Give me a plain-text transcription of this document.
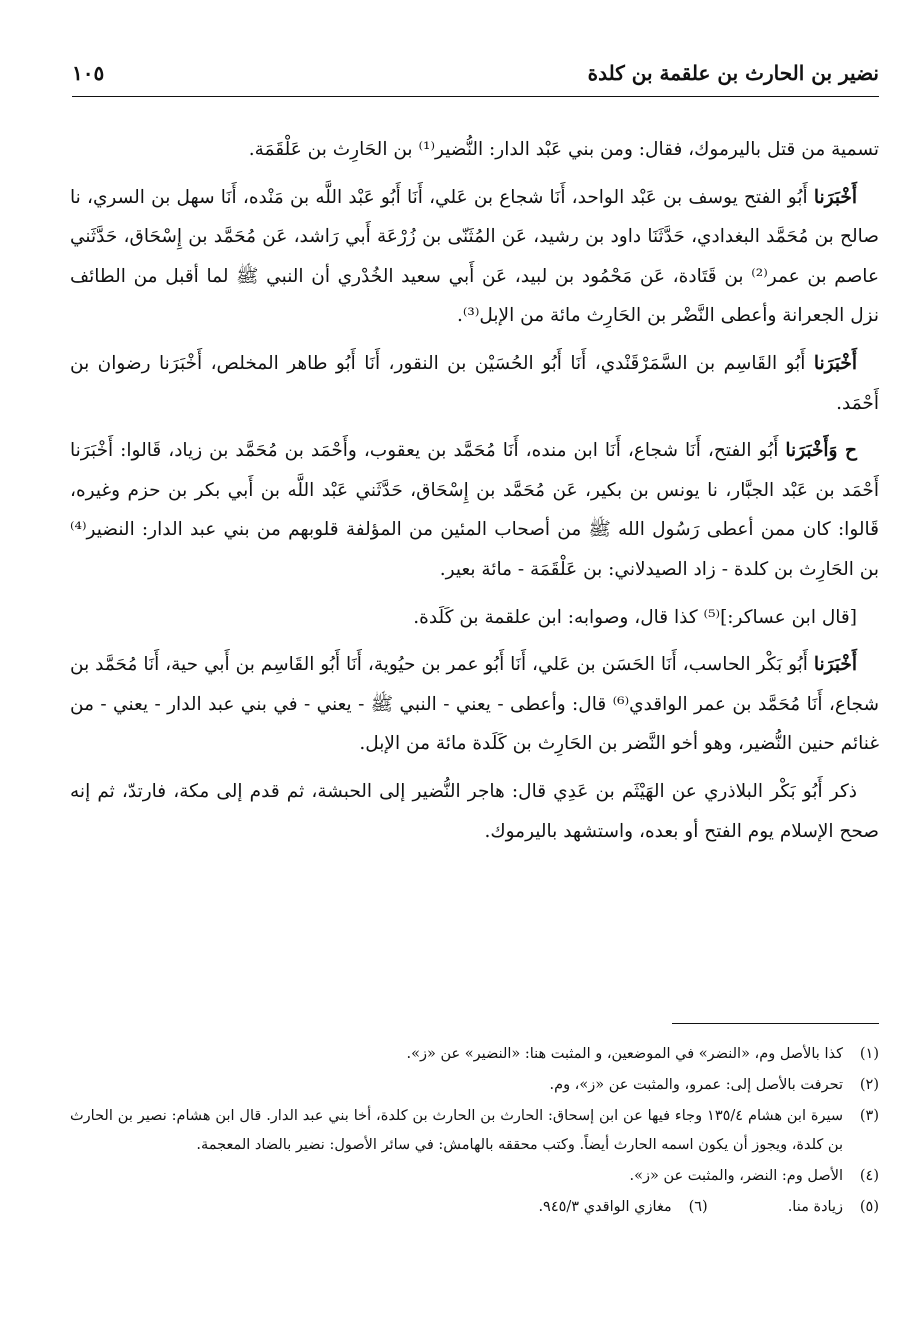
نضير بن الحارث بن علقمة بن كلدة
١٠٥

تسمية من قتل باليرموك، فقال: ومن بني عَبْد الدار: النُّضير⁽¹⁾ بن الحَارِث بن عَلْقَمَة.

أَخْبَرَنا أَبُو الفتح يوسف بن عَبْد الواحد، أَنَا شجاع بن عَلي، أَنَا أَبُو عَبْد اللَّه بن مَنْده، أَنَا سهل بن السري، نا صالح بن مُحَمَّد البغدادي، حَدَّثَنَا داود بن رشيد، عَن المُثَنّى بن زُرْعَة أَبي رَاشد، عَن مُحَمَّد بن إِسْحَاق، حَدَّثَني عاصم بن عمر⁽²⁾ بن قَتَادة، عَن مَحْمُود بن لبيد، عَن أَبي سعيد الخُدْري أن النبي ﷺ لما أقبل من الطائف نزل الجعرانة وأعطى النَّضْر بن الحَارِث مائة من الإبل⁽³⁾.

أَخْبَرَنا أَبُو القَاسِم بن السَّمَرْقَنْدي، أَنَا أَبُو الحُسَيْن بن النقور، أَنَا أَبُو طاهر المخلص، أَخْبَرَنا رضوان بن أَحْمَد.

ح وَأَخْبَرَنا أَبُو الفتح، أَنَا شجاع، أَنَا ابن منده، أَنَا مُحَمَّد بن يعقوب، وأَحْمَد بن مُحَمَّد بن زياد، قَالوا: أَخْبَرَنا أَحْمَد بن عَبْد الجبَّار، نا يونس بن بكير، عَن مُحَمَّد بن إِسْحَاق، حَدَّثَني عَبْد اللَّه بن أَبي بكر بن حزم وغيره، قَالوا: كان ممن أعطى رَسُول الله ﷺ من أصحاب المئين من المؤلفة قلوبهم من بني عبد الدار: النضير⁽⁴⁾ بن الحَارِث بن كلدة - زاد الصيدلاني: بن عَلْقَمَة - مائة بعير.

[قال ابن عساكر:]⁽⁵⁾ كذا قال، وصوابه: ابن علقمة بن كَلَدة.

أَخْبَرَنا أَبُو بَكْر الحاسب، أَنَا الحَسَن بن عَلي، أَنَا أَبُو عمر بن حيُوية، أَنَا أَبُو القَاسِم بن أَبي حية، أَنَا مُحَمَّد بن شجاع، أَنَا مُحَمَّد بن عمر الواقدي⁽⁶⁾ قال: وأعطى - يعني - النبي ﷺ - يعني - في بني عبد الدار - يعني - من غنائم حنين النُّضير، وهو أخو النَّضر بن الحَارِث بن كَلَدة مائة من الإبل.

ذكر أَبُو بَكْر البلاذري عن الهَيْثَم بن عَدِي قال: هاجر النُّضير إلى الحبشة، ثم قدم إلى مكة، فارتدّ، ثم إنه صحح الإسلام يوم الفتح أو بعده، واستشهد باليرموك.

(١)
كذا بالأصل وم، «النضر» في الموضعين، و المثبت هنا: «النضير» عن «ز».
(٢)
تحرفت بالأصل إلى: عمرو، والمثبت عن «ز»، وم.
(٣)
سيرة ابن هشام ١٣٥/٤ وجاء فيها عن ابن إسحاق: الحارث بن الحارث بن كلدة، أخا بني عبد الدار. قال ابن هشام: نصير بن الحارث بن كلدة، ويجوز أن يكون اسمه الحارث أيضاً. وكتب محققه بالهامش: في سائر الأصول: نضير بالضاد المعجمة.
(٤)
الأصل وم: النضر، والمثبت عن «ز».
(٥)
زيادة منا.
(٦)
مغازي الواقدي ٩٤٥/٣.
